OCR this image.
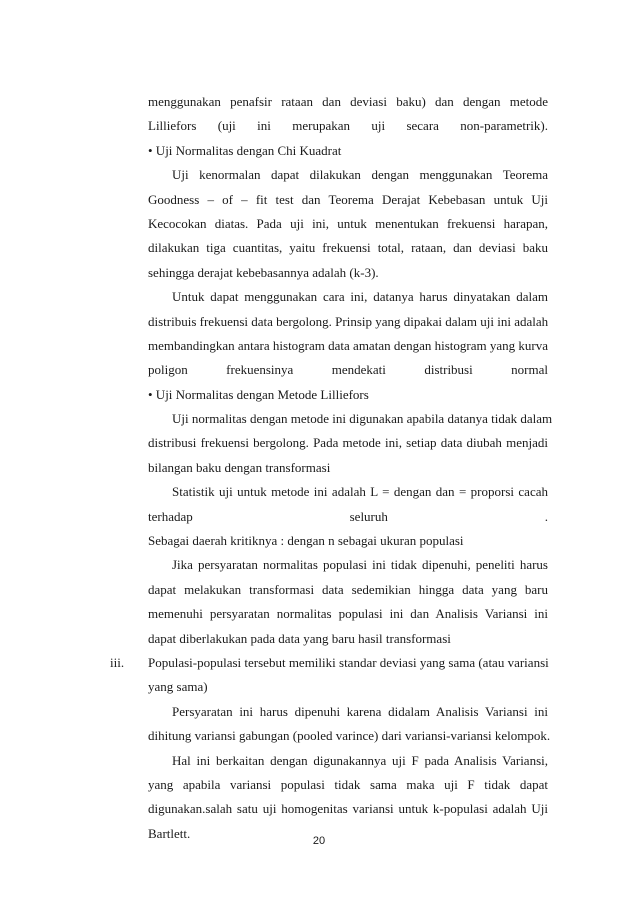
menggunakan penafsir rataan dan deviasi baku) dan dengan metode
Lilliefors (uji ini merupakan uji secara non-parametrik).
• Uji Normalitas dengan Chi Kuadrat
Uji kenormalan dapat dilakukan dengan menggunakan Teorema
Goodness – of – fit test dan Teorema Derajat Kebebasan untuk Uji
Kecocokan diatas. Pada uji ini, untuk menentukan frekuensi harapan,
dilakukan tiga cuantitas, yaitu frekuensi total, rataan, dan deviasi baku
sehingga derajat kebebasannya adalah (k-3).
Untuk dapat menggunakan cara ini, datanya harus dinyatakan dalam
distribuis frekuensi data bergolong. Prinsip yang dipakai dalam uji ini adalah
membandingkan antara histogram data amatan dengan histogram yang kurva
poligon frekuensinya mendekati distribusi normal
• Uji Normalitas dengan Metode Lilliefors
Uji normalitas dengan metode ini digunakan apabila datanya tidak dalam
distribusi frekuensi bergolong. Pada metode ini, setiap data diubah menjadi
bilangan baku dengan transformasi
Statistik uji untuk metode ini adalah L = dengan dan = proporsi cacah
terhadap seluruh .
Sebagai daerah kritiknya : dengan n sebagai ukuran populasi
Jika persyaratan normalitas populasi ini tidak dipenuhi, peneliti harus
dapat melakukan transformasi data sedemikian hingga data yang baru
memenuhi persyaratan normalitas populasi ini dan Analisis Variansi ini
dapat diberlakukan pada data yang baru hasil transformasi
iii. Populasi-populasi tersebut memiliki standar deviasi yang sama (atau variansi
yang sama)
Persyaratan ini harus dipenuhi karena didalam Analisis Variansi ini
dihitung variansi gabungan (pooled varince) dari variansi-variansi kelompok.
Hal ini berkaitan dengan digunakannya uji F pada Analisis Variansi,
yang apabila variansi populasi tidak sama maka uji F tidak dapat
digunakan.salah satu uji homogenitas variansi untuk k-populasi adalah Uji
Bartlett.
20
